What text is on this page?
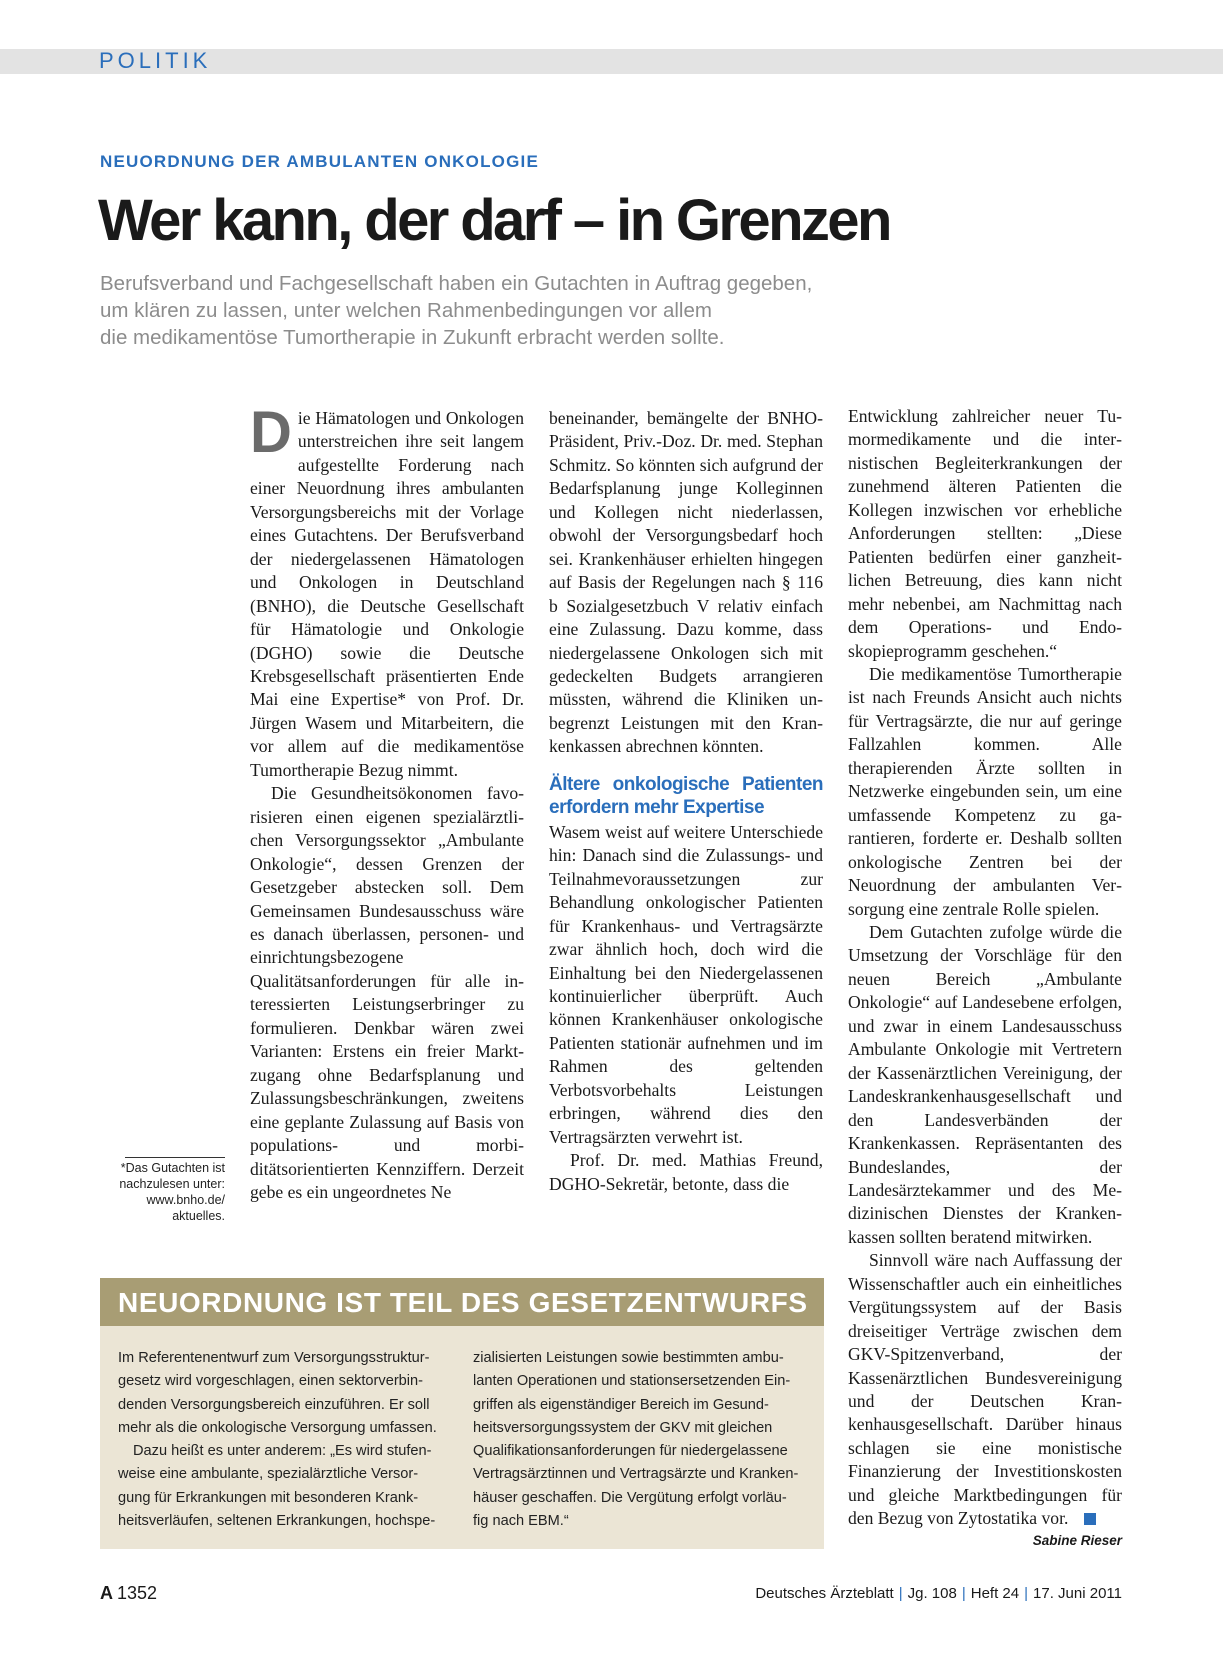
POLITIK
NEUORDNUNG DER AMBULANTEN ONKOLOGIE
Wer kann, der darf – in Grenzen
Berufsverband und Fachgesellschaft haben ein Gutachten in Auftrag gegeben,
um klären zu lassen, unter welchen Rahmenbedingungen vor allem
die medikamentöse Tumortherapie in Zukunft erbracht werden sollte.

Die Hämatologen und Onkologen unterstreichen ihre seit langem aufgestellte Forderung nach einer Neuordnung ihres ambulanten Versorgungsbereichs mit der Vorlage eines Gutachtens. Der Berufsverband der niedergelassenen Hämatologen und Onkologen in Deutschland (BNHO), die Deutsche Gesellschaft für Hämatologie und Onkologie (DGHO) sowie die Deutsche Krebsgesellschaft präsentierten Ende Mai eine Expertise* von Prof. Dr. Jürgen Wasem und Mitarbeitern, die vor allem auf die medikamentöse Tumortherapie Bezug nimmt.

Die Gesundheitsökonomen favorisieren einen eigenen spezialärztlichen Versorgungssektor „Ambulante Onkologie“, dessen Grenzen der Gesetzgeber abstecken soll. Dem Gemeinsamen Bundesausschuss wäre es danach überlassen, personen- und einrichtungsbezogene Qualitätsanforderungen für alle interessierten Leistungserbringer zu formulieren. Denkbar wären zwei Varianten: Erstens ein freier Marktzugang ohne Bedarfsplanung und Zulassungsbeschränkungen, zweitens eine geplante Zulassung auf Basis von populations- und morbiditätsorientierten Kennziffern. Derzeit gebe es ein ungeordnetes Ne

beneinander, bemängelte der BNHO-Präsident, Priv.-Doz. Dr. med. Stephan Schmitz. So könnten sich aufgrund der Bedarfsplanung junge Kolleginnen und Kollegen nicht niederlassen, obwohl der Versorgungsbedarf hoch sei. Krankenhäuser erhielten hingegen auf Basis der Regelungen nach § 116 b Sozialgesetzbuch V relativ einfach eine Zulassung. Dazu komme, dass niedergelassene Onkologen sich mit gedeckelten Budgets arrangieren müssten, während die Kliniken unbegrenzt Leistungen mit den Krankenkassen abrechnen könnten.

Ältere onkologische Patienten erfordern mehr Expertise

Wasem weist auf weitere Unterschiede hin: Danach sind die Zulassungs- und Teilnahmevoraussetzungen zur Behandlung onkologischer Patienten für Krankenhaus- und Vertragsärzte zwar ähnlich hoch, doch wird die Einhaltung bei den Niedergelassenen kontinuierlicher überprüft. Auch können Krankenhäuser onkologische Patienten stationär aufnehmen und im Rahmen des geltenden Verbotsvorbehalts Leistungen erbringen, während dies den Vertragsärzten verwehrt ist.

Prof. Dr. med. Mathias Freund, DGHO-Sekretär, betonte, dass die

Entwicklung zahlreicher neuer Tumormedikamente und die internistischen Begleiterkrankungen der zunehmend älteren Patienten die Kollegen inzwischen vor erhebliche Anforderungen stellten: „Diese Patienten bedürfen einer ganzheitlichen Betreuung, dies kann nicht mehr nebenbei, am Nachmittag nach dem Operations- und Endoskopieprogramm geschehen.“

Die medikamentöse Tumortherapie ist nach Freunds Ansicht auch nichts für Vertragsärzte, die nur auf geringe Fallzahlen kommen. Alle therapierenden Ärzte sollten in Netzwerke eingebunden sein, um eine umfassende Kompetenz zu garantieren, forderte er. Deshalb sollten onkologische Zentren bei der Neuordnung der ambulanten Versorgung eine zentrale Rolle spielen.

Dem Gutachten zufolge würde die Umsetzung der Vorschläge für den neuen Bereich „Ambulante Onkologie“ auf Landesebene erfolgen, und zwar in einem Landesausschuss Ambulante Onkologie mit Vertretern der Kassenärztlichen Vereinigung, der Landeskrankenhausgesellschaft und den Landesverbänden der Krankenkassen. Repräsentanten des Bundeslandes, der Landesärztekammer und des Medizinischen Dienstes der Krankenkassen sollten beratend mitwirken.

Sinnvoll wäre nach Auffassung der Wissenschaftler auch ein einheitliches Vergütungssystem auf der Basis dreiseitiger Verträge zwischen dem GKV-Spitzenverband, der Kassenärztlichen Bundesvereinigung und der Deutschen Krankenhausgesellschaft. Darüber hinaus schlagen sie eine monistische Finanzierung der Investitionskosten und gleiche Marktbedingungen für den Bezug von Zytostatika vor.

Sabine Rieser
*Das Gutachten ist
nachzulesen unter:
www.bnho.de/
aktuelles.
NEUORDNUNG IST TEIL DES GESETZENTWURFS
Im Referentenentwurf zum Versorgungsstruktur-
gesetz wird vorgeschlagen, einen sektorverbin-
denden Versorgungsbereich einzuführen. Er soll
mehr als die onkologische Versorgung umfassen.
Dazu heißt es unter anderem: „Es wird stufen-
weise eine ambulante, spezialärztliche Versor-
gung für Erkrankungen mit besonderen Krank-
heitsverläufen, seltenen Erkrankungen, hochspe-
zialisierten Leistungen sowie bestimmten ambu-
lanten Operationen und stationsersetzenden Ein-
griffen als eigenständiger Bereich im Gesund-
heitsversorgungssystem der GKV mit gleichen
Qualifikationsanforderungen für niedergelassene
Vertragsärztinnen und Vertragsärzte und Kranken-
häuser geschaffen. Die Vergütung erfolgt vorläu-
fig nach EBM.“
A 1352	Deutsches Ärzteblatt | Jg. 108 | Heft 24 | 17. Juni 2011
